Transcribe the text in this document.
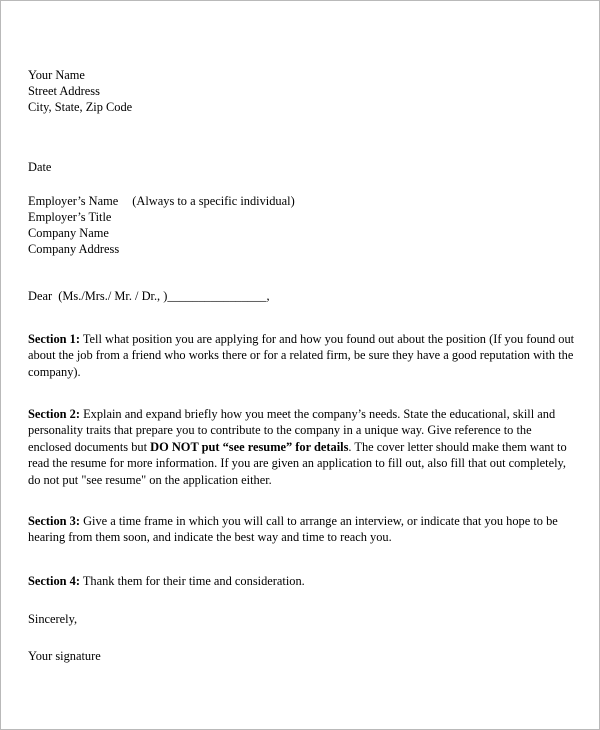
Your Name
Street Address
City, State, Zip Code
Date
Employer’s Name (Always to a specific individual)
Employer’s Title
Company Name
Company Address
Dear  (Ms./Mrs./ Mr. / Dr., )________________,
Section 1: Tell what position you are applying for and how you found out about the position (If you found out about the job from a friend who works there or for a related firm, be sure they have a good reputation with the company).
Section 2: Explain and expand briefly how you meet the company’s needs. State the educational, skill and personality traits that prepare you to contribute to the company in a unique way. Give reference to the enclosed documents but DO NOT put “see resume” for details. The cover letter should make them want to read the resume for more information. If you are given an application to fill out, also fill that out completely, do not put "see resume" on the application either.
Section 3: Give a time frame in which you will call to arrange an interview, or indicate that you hope to be hearing from them soon, and indicate the best way and time to reach you.
Section 4: Thank them for their time and consideration.
Sincerely,
Your signature
